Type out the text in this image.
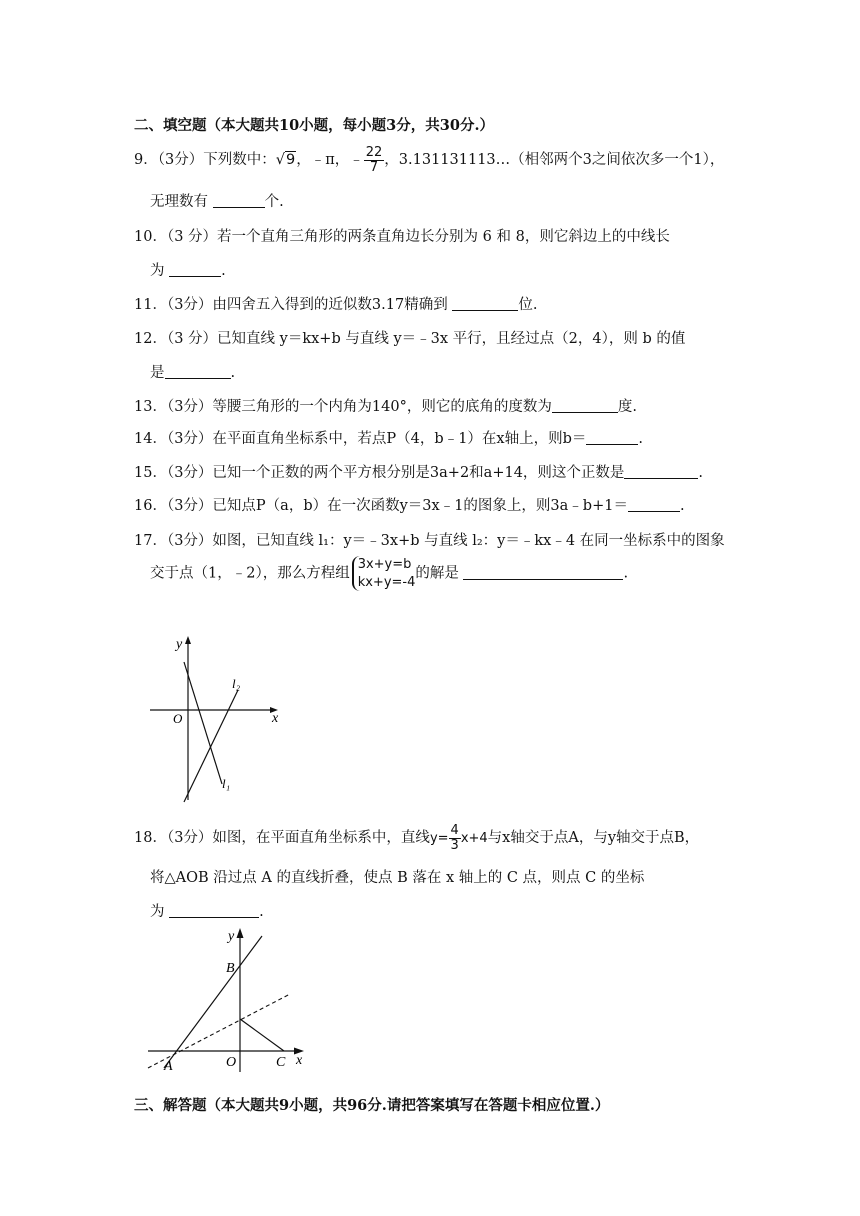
二、填空题（本大题共10小题，每小题3分，共30分.）
9．（3分）下列数中：√9，﹣π，﹣ $\frac{22}{7}$ ，3.131131113…（相邻两个3之间依次多一个1），
无理数有	个.
10．（3 分）若一个直角三角形的两条直角边长分别为 6 和 8，则它斜边上的中线长
为	.
11．（3分）由四舍五入得到的近似数3.17精确到	位.
12．（3 分）已知直线 y＝kx+b 与直线 y＝﹣3x 平行，且经过点（2，4），则 b 的值
是	.
13．（3分）等腰三角形的一个内角为140°，则它的底角的度数为	度.
14．（3分）在平面直角坐标系中，若点P（4，b﹣1）在x轴上，则b＝	.
15．（3分）已知一个正数的两个平方根分别是3a+2和a+14，则这个正数是	.
16．（3分）已知点P（a，b）在一次函数y＝3x﹣1的图象上，则3a﹣b+1＝	.
17．（3分）如图，已知直线 l₁：y＝﹣3x+b 与直线 l₂：y＝﹣kx﹣4 在同一坐标系中的图象
交于点（1，﹣2），那么方程组
3x+y=b
kx+y=-4
的解是	.
y
x
O
l₂
l₁
18．（3分）如图，在平面直角坐标系中，直线$y= \frac{4}{3} x+4$与x轴交于点A，与y轴交于点B，
将△AOB 沿过点 A 的直线折叠，使点 B 落在 x 轴上的 C 点，则点 C 的坐标
为	.
y
x
B
O	C
A
三、解答题（本大题共9小题，共96分.请把答案填写在答题卡相应位置.）
